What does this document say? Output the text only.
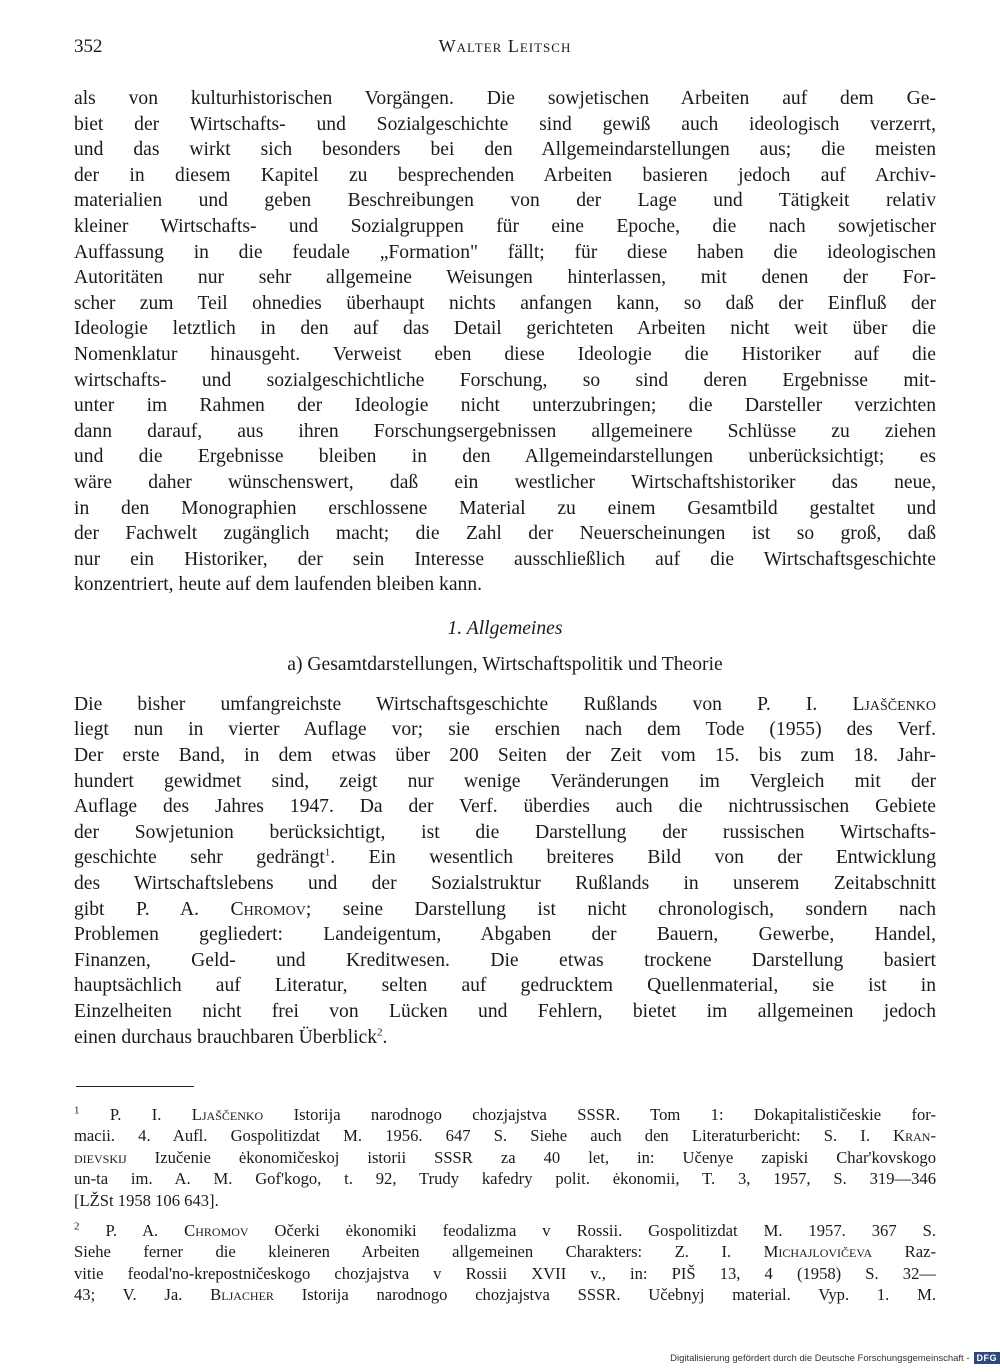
352	Walter Leitsch

als von kulturhistorischen Vorgängen. Die sowjetischen Arbeiten auf dem Ge-
biet der Wirtschafts- und Sozialgeschichte sind gewiß auch ideologisch verzerrt,
und das wirkt sich besonders bei den Allgemeindarstellungen aus; die meisten
der in diesem Kapitel zu besprechenden Arbeiten basieren jedoch auf Archiv-
materialien und geben Beschreibungen von der Lage und Tätigkeit relativ
kleiner Wirtschafts- und Sozialgruppen für eine Epoche, die nach sowjetischer
Auffassung in die feudale „Formation" fällt; für diese haben die ideologischen
Autoritäten nur sehr allgemeine Weisungen hinterlassen, mit denen der For-
scher zum Teil ohnedies überhaupt nichts anfangen kann, so daß der Einfluß der
Ideologie letztlich in den auf das Detail gerichteten Arbeiten nicht weit über die
Nomenklatur hinausgeht. Verweist eben diese Ideologie die Historiker auf die
wirtschafts- und sozialgeschichtliche Forschung, so sind deren Ergebnisse mit-
unter im Rahmen der Ideologie nicht unterzubringen; die Darsteller verzichten
dann darauf, aus ihren Forschungsergebnissen allgemeinere Schlüsse zu ziehen
und die Ergebnisse bleiben in den Allgemeindarstellungen unberücksichtigt; es
wäre daher wünschenswert, daß ein westlicher Wirtschaftshistoriker das neue,
in den Monographien erschlossene Material zu einem Gesamtbild gestaltet und
der Fachwelt zugänglich macht; die Zahl der Neuerscheinungen ist so groß, daß
nur ein Historiker, der sein Interesse ausschließlich auf die Wirtschaftsgeschichte
konzentriert, heute auf dem laufenden bleiben kann.

1. Allgemeines

a) Gesamtdarstellungen, Wirtschaftspolitik und Theorie

Die bisher umfangreichste Wirtschaftsgeschichte Rußlands von P. I. Ljaščenko
liegt nun in vierter Auflage vor; sie erschien nach dem Tode (1955) des Verf.
Der erste Band, in dem etwas über 200 Seiten der Zeit vom 15. bis zum 18. Jahr-
hundert gewidmet sind, zeigt nur wenige Veränderungen im Vergleich mit der
Auflage des Jahres 1947. Da der Verf. überdies auch die nichtrussischen Gebiete
der Sowjetunion berücksichtigt, ist die Darstellung der russischen Wirtschafts-
geschichte sehr gedrängt$^1$. Ein wesentlich breiteres Bild von der Entwicklung
des Wirtschaftslebens und der Sozialstruktur Rußlands in unserem Zeitabschnitt
gibt P. A. Chromov; seine Darstellung ist nicht chronologisch, sondern nach
Problemen gegliedert: Landeigentum, Abgaben der Bauern, Gewerbe, Handel,
Finanzen, Geld- und Kreditwesen. Die etwas trockene Darstellung basiert
hauptsächlich auf Literatur, selten auf gedrucktem Quellenmaterial, sie ist in
Einzelheiten nicht frei von Lücken und Fehlern, bietet im allgemeinen jedoch
einen durchaus brauchbaren Überblick$^2$.

$^1$ P. I. Ljaščenko Istorija narodnogo chozjajstva SSSR. Tom 1: Dokapitalističeskie for-
macii. 4. Aufl. Gospolitizdat M. 1956. 647 S. Siehe auch den Literaturbericht: S. I. Kran-
dievskij Izučenie ėkonomičeskoj istorii SSSR za 40 let, in: Učenye zapiski Char'kovskogo
un-ta im. A. M. Gof'kogo, t. 92, Trudy kafedry polit. ėkonomii, T. 3, 1957, S. 319—346
[LŽSt 1958 106 643].

$^2$ P. A. Chromov Očerki ėkonomiki feodalizma v Rossii. Gospolitizdat M. 1957. 367 S.
Siehe ferner die kleineren Arbeiten allgemeinen Charakters: Z. I. Michajlovičeva Raz-
vitie feodal'no-krepostničeskogo chozjajstva v Rossii XVII v., in: PIŠ 13, 4 (1958) S. 32—
43; V. Ja. Bljacher Istorija narodnogo chozjajstva SSSR. Učebnyj material. Vyp. 1. M.

Digitalisierung gefördert durch die Deutsche Forschungsgemeinschaft - DFG
